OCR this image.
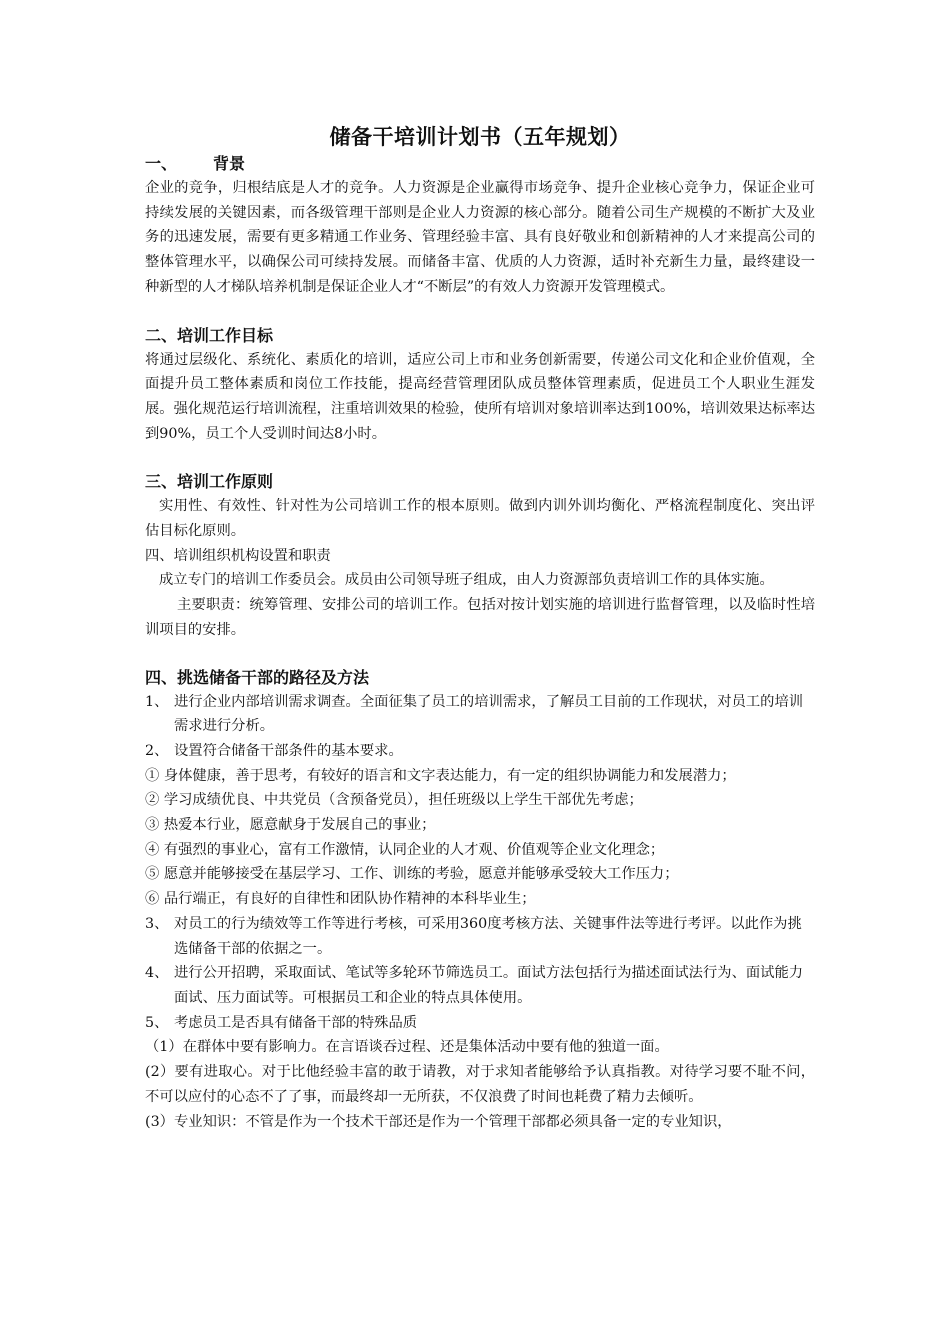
储备干培训计划书（五年规划）
一、 背景

企业的竞争，归根结底是人才的竞争。人力资源是企业赢得市场竞争、提升企业核心竞争力，保证企业可持续发展的关键因素，而各级管理干部则是企业人力资源的核心部分。随着公司生产规模的不断扩大及业务的迅速发展，需要有更多精通工作业务、管理经验丰富、具有良好敬业和创新精神的人才来提高公司的整体管理水平，以确保公司可续持发展。而储备丰富、优质的人力资源，适时补充新生力量，最终建设一种新型的人才梯队培养机制是保证企业人才“不断层”的有效人力资源开发管理模式。

二、培训工作目标

将通过层级化、系统化、素质化的培训，适应公司上市和业务创新需要，传递公司文化和企业价值观，全面提升员工整体素质和岗位工作技能，提高经营管理团队成员整体管理素质，促进员工个人职业生涯发展。强化规范运行培训流程，注重培训效果的检验，使所有培训对象培训率达到100%，培训效果达标率达到90%，员工个人受训时间达8小时。

三、培训工作原则

实用性、有效性、针对性为公司培训工作的根本原则。做到内训外训均衡化、严格流程制度化、突出评估目标化原则。

四、培训组织机构设置和职责

成立专门的培训工作委员会。成员由公司领导班子组成，由人力资源部负责培训工作的具体实施。

主要职责：统筹管理、安排公司的培训工作。包括对按计划实施的培训进行监督管理，以及临时性培训项目的安排。

四、挑选储备干部的路径及方法
1、 进行企业内部培训需求调查。全面征集了员工的培训需求，了解员工目前的工作现状，对员工的培训需求进行分析。
2、 设置符合储备干部条件的基本要求。

① 身体健康，善于思考，有较好的语言和文字表达能力，有一定的组织协调能力和发展潜力；

② 学习成绩优良、中共党员（含预备党员），担任班级以上学生干部优先考虑；

③ 热爱本行业，愿意献身于发展自己的事业；

④ 有强烈的事业心，富有工作激情，认同企业的人才观、价值观等企业文化理念；

⑤ 愿意并能够接受在基层学习、工作、训练的考验，愿意并能够承受较大工作压力；

⑥ 品行端正，有良好的自律性和团队协作精神的本科毕业生；

3、 对员工的行为绩效等工作等进行考核，可采用360度考核方法、关键事件法等进行考评。以此作为挑选储备干部的依据之一。
4、 进行公开招聘，采取面试、笔试等多轮环节筛选员工。面试方法包括行为描述面试法行为、面试能力面试、压力面试等。可根据员工和企业的特点具体使用。
5、 考虑员工是否具有储备干部的特殊品质

（1）在群体中要有影响力。在言语谈吞过程、还是集体活动中要有他的独道一面。

(2）要有进取心。对于比他经验丰富的敢于请教，对于求知者能够给予认真指教。对待学习要不耻不问，不可以应付的心态不了了事，而最终却一无所获，不仅浪费了时间也耗费了精力去倾听。

(3）专业知识：不管是作为一个技术干部还是作为一个管理干部都必须具备一定的专业知识，
